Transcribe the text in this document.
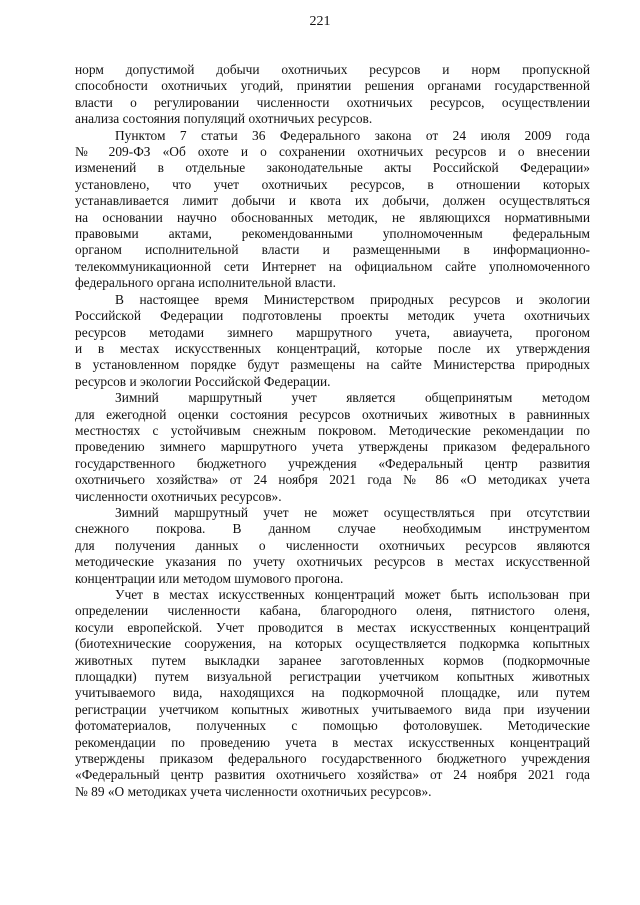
221
норм допустимой добычи охотничьих ресурсов и норм пропускной
способности охотничьих угодий, принятии решения органами государственной
власти о регулировании численности охотничьих ресурсов, осуществлении
анализа состояния популяций охотничьих ресурсов.
Пунктом 7 статьи 36 Федерального закона от 24 июля 2009 года
№ 209-ФЗ «Об охоте и о сохранении охотничьих ресурсов и о внесении
изменений в отдельные законодательные акты Российской Федерации»
установлено, что учет охотничьих ресурсов, в отношении которых
устанавливается лимит добычи и квота их добычи, должен осуществляться
на основании научно обоснованных методик, не являющихся нормативными
правовыми актами, рекомендованными уполномоченным федеральным
органом исполнительной власти и размещенными в информационно-
телекоммуникационной сети Интернет на официальном сайте уполномоченного
федерального органа исполнительной власти.
В настоящее время Министерством природных ресурсов и экологии
Российской Федерации подготовлены проекты методик учета охотничьих
ресурсов методами зимнего маршрутного учета, авиаучета, прогоном
и в местах искусственных концентраций, которые после их утверждения
в установленном порядке будут размещены на сайте Министерства природных
ресурсов и экологии Российской Федерации.
Зимний маршрутный учет является общепринятым методом
для ежегодной оценки состояния ресурсов охотничьих животных в равнинных
местностях с устойчивым снежным покровом. Методические рекомендации по
проведению зимнего маршрутного учета утверждены приказом федерального
государственного бюджетного учреждения «Федеральный центр развития
охотничьего хозяйства» от 24 ноября 2021 года № 86 «О методиках учета
численности охотничьих ресурсов».
Зимний маршрутный учет не может осуществляться при отсутствии
снежного покрова. В данном случае необходимым инструментом
для получения данных о численности охотничьих ресурсов являются
методические указания по учету охотничьих ресурсов в местах искусственной
концентрации или методом шумового прогона.
Учет в местах искусственных концентраций может быть использован при
определении численности кабана, благородного оленя, пятнистого оленя,
косули европейской. Учет проводится в местах искусственных концентраций
(биотехнические сооружения, на которых осуществляется подкормка копытных
животных путем выкладки заранее заготовленных кормов (подкормочные
площадки) путем визуальной регистрации учетчиком копытных животных
учитываемого вида, находящихся на подкормочной площадке, или путем
регистрации учетчиком копытных животных учитываемого вида при изучении
фотоматериалов, полученных с помощью фотоловушек. Методические
рекомендации по проведению учета в местах искусственных концентраций
утверждены приказом федерального государственного бюджетного учреждения
«Федеральный центр развития охотничьего хозяйства» от 24 ноября 2021 года
№ 89 «О методиках учета численности охотничьих ресурсов».
